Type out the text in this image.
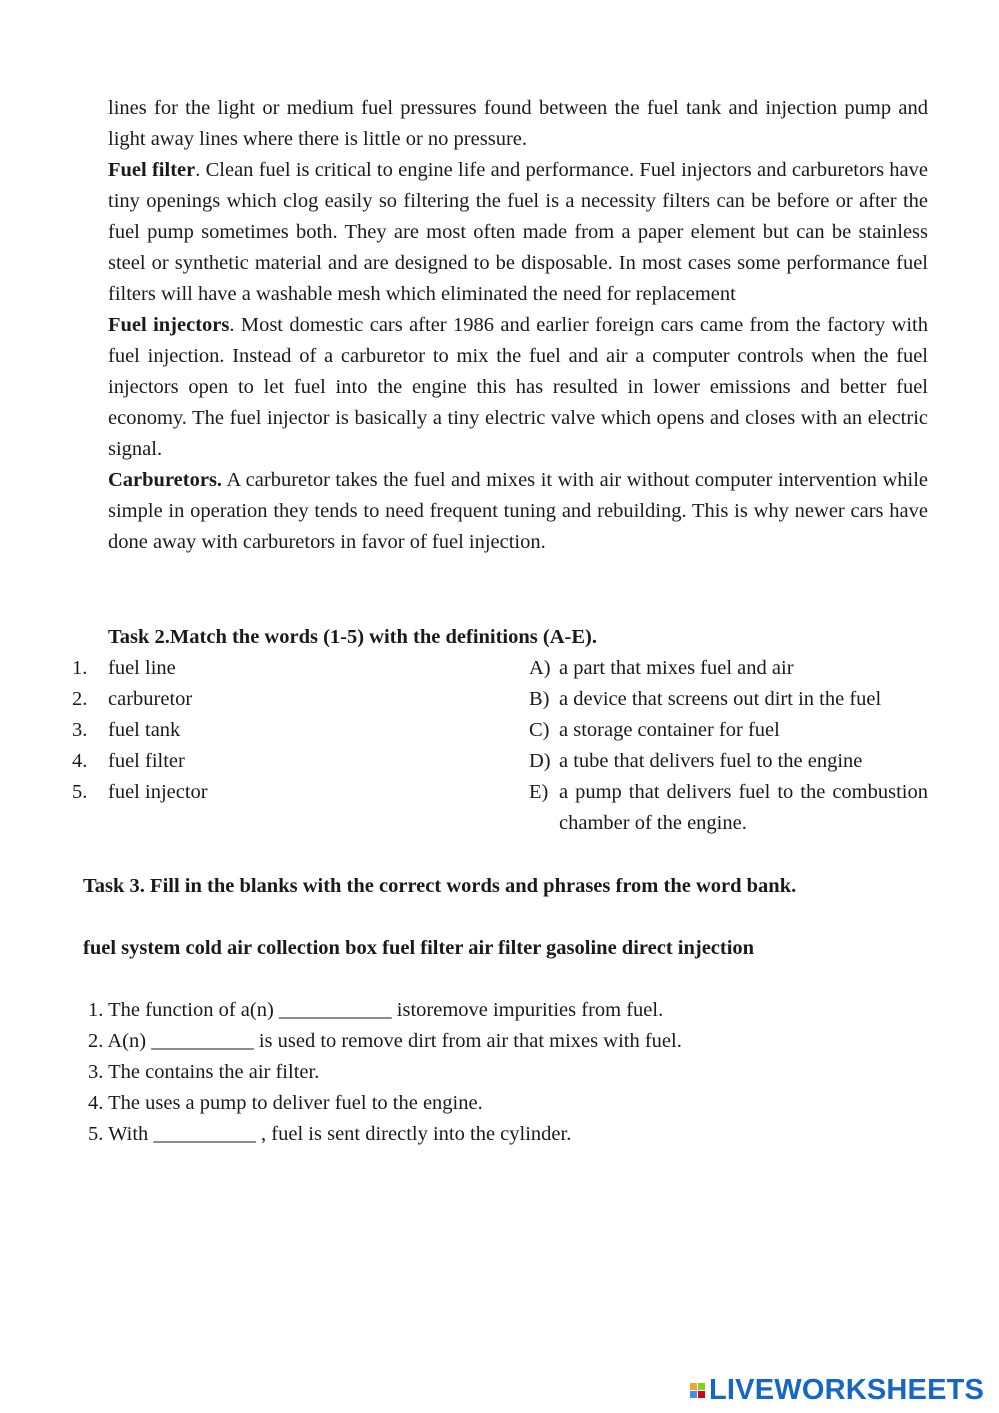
lines for the light or medium fuel pressures found between the fuel tank and injection pump and light away lines where there is little or no pressure.

Fuel filter. Clean fuel is critical to engine life and performance. Fuel injectors and carburetors have tiny openings which clog easily so filtering the fuel is a necessity filters can be before or after the fuel pump sometimes both. They are most often made from a paper element but can be stainless steel or synthetic material and are designed to be disposable. In most cases some performance fuel filters will have a washable mesh which eliminated the need for replacement

Fuel injectors. Most domestic cars after 1986 and earlier foreign cars came from the factory with fuel injection. Instead of a carburetor to mix the fuel and air a computer controls when the fuel injectors open to let fuel into the engine this has resulted in lower emissions and better fuel economy. The fuel injector is basically a tiny electric valve which opens and closes with an electric signal.

Carburetors. A carburetor takes the fuel and mixes it with air without computer intervention while simple in operation they tends to need frequent tuning and rebuilding. This is why newer cars have done away with carburetors in favor of fuel injection.

Task 2.Match the words (1-5) with the definitions (A-E).
1.	fuel line
2.	carburetor
3.	fuel tank
4.	fuel filter
5.	fuel injector
A) a part that mixes fuel and air
B) a device that screens out dirt in the fuel
C) a storage container for fuel
D) a tube that delivers fuel to the engine
E) a pump that delivers fuel to the combustion chamber of the engine.
Task 3. Fill in the blanks with the correct words and phrases from the word bank.
fuel system cold air collection box fuel filter air filter gasoline direct injection
1. The function of a(n) ___________ istoremove impurities from fuel.
2. A(n) __________ is used to remove dirt from air that mixes with fuel.
3. The contains the air filter.
4. The uses a pump to deliver fuel to the engine.
5. With __________ , fuel is sent directly into the cylinder.
LIVEWORKSHEETS
